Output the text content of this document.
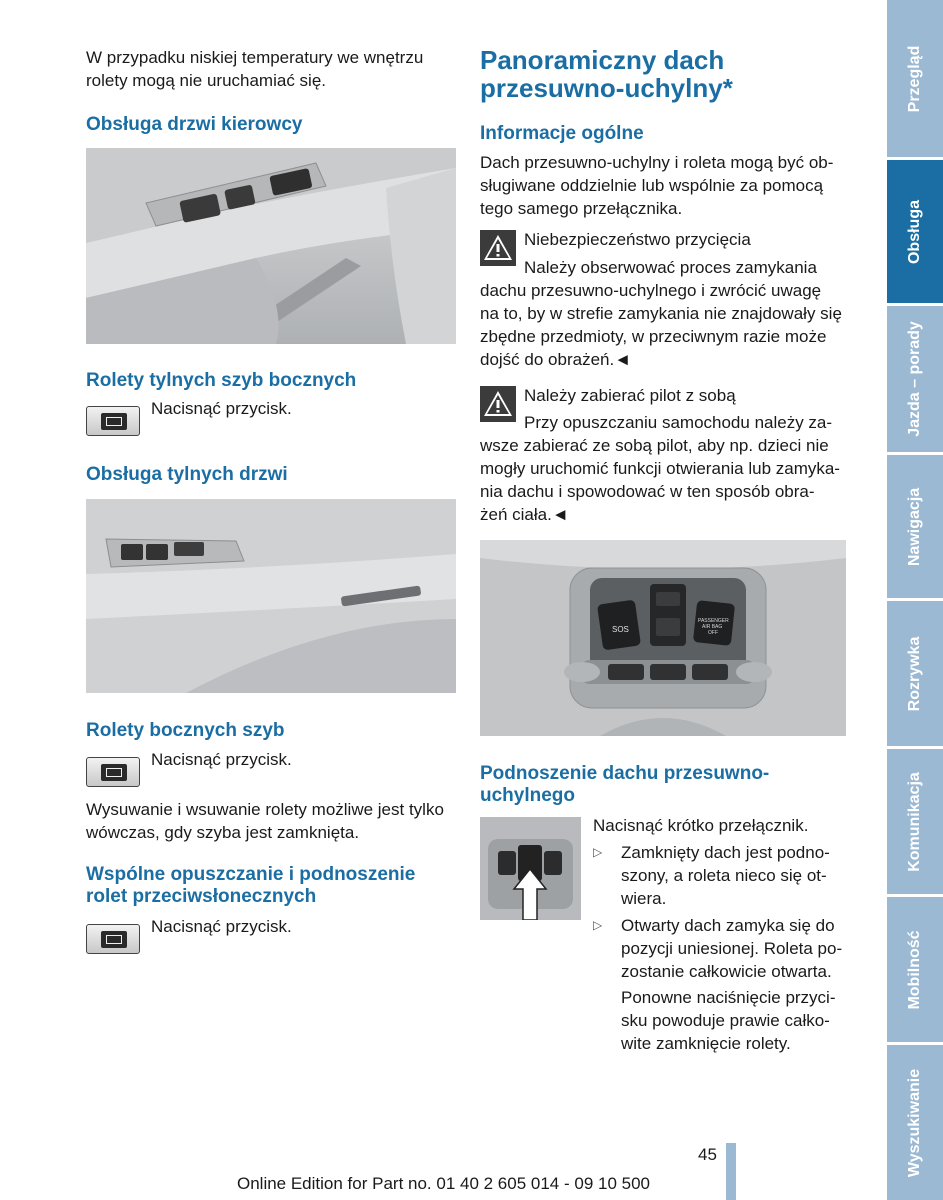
W przypadku niskiej temperatury we wnętrzu
rolety mogą nie uruchamiać się.
Obsługa drzwi kierowcy
Rolety tylnych szyb bocznych
Nacisnąć przycisk.
Obsługa tylnych drzwi
Rolety bocznych szyb
Nacisnąć przycisk.
Wysuwanie i wsuwanie rolety możliwe jest tylko
wówczas, gdy szyba jest zamknięta.
Wspólne opuszczanie i podnoszenie
rolet przeciwsłonecznych
Nacisnąć przycisk.
Panoramiczny dach
przesuwno-uchylny*
Informacje ogólne
Dach przesuwno-uchylny i roleta mogą być ob-
sługiwane oddzielnie lub wspólnie za pomocą
tego samego przełącznika.
Niebezpieczeństwo przycięcia
Należy obserwować proces zamykania
dachu przesuwno-uchylnego i zwrócić uwagę
na to, by w strefie zamykania nie znajdowały się
zbędne przedmioty, w przeciwnym razie może
dojść do obrażeń.◄
Należy zabierać pilot z sobą
Przy opuszczaniu samochodu należy za-
wsze zabierać ze sobą pilot, aby np. dzieci nie
mogły uruchomić funkcji otwierania lub zamyka-
nia dachu i spowodować w ten sposób obra-
żeń ciała.◄
SOS
PASSENGER
AIR BAG
OFF
Podnoszenie dachu przesuwno-
uchylnego
Nacisnąć krótko przełącznik.
▷ Zamknięty dach jest podno-
szony, a roleta nieco się ot-
wiera.
▷ Otwarty dach zamyka się do
pozycji uniesionej. Roleta po-
zostanie całkowicie otwarta.
Ponowne naciśnięcie przyci-
sku powoduje prawie całko-
wite zamknięcie rolety.
Przegląd
Obsługa
Jazda – porady
Nawigacja
Rozrywka
Komunikacja
Mobilność
Wyszukiwanie
45
Online Edition for Part no. 01 40 2 605 014 - 09 10 500
